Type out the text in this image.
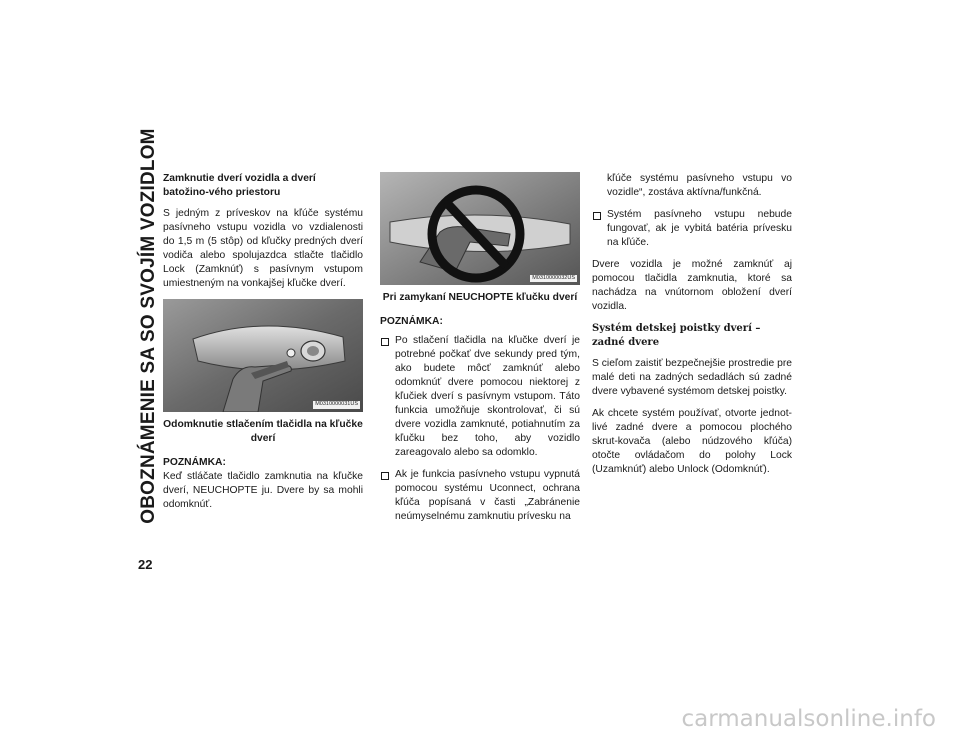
OBOZNÁMENIE SA SO SVOJÍM VOZIDLOM
22
Zamknutie dverí vozidla a dverí batožino-vého priestoru

S jedným z príveskov na kľúče systému pasívneho vstupu vozidla vo vzdialenosti do 1,5 m (5 stôp) od kľučky predných dverí vodiča alebo spolujazdca stlačte tlačidlo Lock (Zamknúť) s pasívnym vstupom umiestneným na vonkajšej kľučke dverí.

M0310000031US
Odomknutie stlačením tlačidla na kľučke dverí
POZNÁMKA:

Keď stláčate tlačidlo zamknutia na kľučke dverí, NEUCHOPTE ju. Dvere by sa mohli odomknúť.

M0310000032US
Pri zamykaní NEUCHOPTE kľučku dverí
POZNÁMKA:
Po stlačení tlačidla na kľučke dverí je potrebné počkať dve sekundy pred tým, ako budete môcť zamknúť alebo odomknúť dvere pomocou niektorej z kľučiek dverí s pasívnym vstupom. Táto funkcia umožňuje skontrolovať, či sú dvere vozidla zamknuté, potiahnutím za kľučku bez toho, aby vozidlo zareagovalo alebo sa odomklo.
Ak je funkcia pasívneho vstupu vypnutá pomocou systému Uconnect, ochrana kľúča popísaná v časti „Zabránenie neúmyselnému zamknutiu prívesku na

kľúče systému pasívneho vstupu vo vozidle“, zostáva aktívna/funkčná.

Systém pasívneho vstupu nebude fungovať, ak je vybitá batéria prívesku na kľúče.

Dvere vozidla je možné zamknúť aj pomocou tlačidla zamknutia, ktoré sa nachádza na vnútornom obložení dverí vozidla.

Systém detskej poistky dverí – zadné dvere

S cieľom zaistiť bezpečnejšie prostredie pre malé deti na zadných sedadlách sú zadné dvere vybavené systémom detskej poistky.

Ak chcete systém používať, otvorte jednot-livé zadné dvere a pomocou plochého skrut-kovača (alebo núdzového kľúča) otočte ovládačom do polohy Lock (Uzamknúť) alebo Unlock (Odomknúť).

carmanualsonline.info
